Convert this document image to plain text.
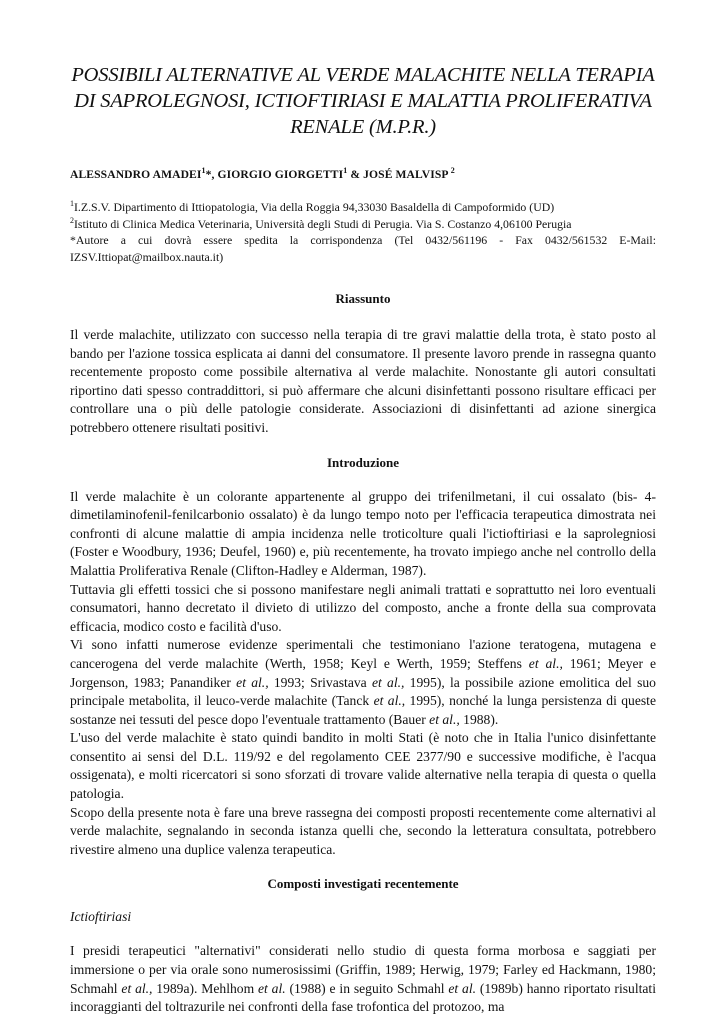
POSSIBILI ALTERNATIVE AL VERDE MALACHITE NELLA TERAPIA DI SAPROLEGNOSI, ICTIOFTIRIASI E MALATTIA PROLIFERATIVA RENALE (M.P.R.)
ALESSANDRO AMADEI$^1$*, GIORGIO GIORGETTI$^1$ & JOSÉ MALVISP $^2$

$^1$I.Z.S.V. Dipartimento di Ittiopatologia, Via della Roggia 94,33030 Basaldella di Campoformido (UD)

$^2$Istituto di Clinica Medica Veterinaria, Università degli Studi di Perugia. Via S. Costanzo 4,06100 Perugia

*Autore a cui dovrà essere spedita la corrispondenza (Tel 0432/561196 - Fax 0432/561532 E-Mail: IZSV.Ittiopat@mailbox.nauta.it)

Riassunto

Il verde malachite, utilizzato con successo nella terapia di tre gravi malattie della trota, è stato posto al bando per l'azione tossica esplicata ai danni del consumatore. Il presente lavoro prende in rassegna quanto recentemente proposto come possibile alternativa al verde malachite. Nonostante gli autori consultati riportino dati spesso contraddittori, si può affermare che alcuni disinfettanti possono risultare efficaci per controllare una o più delle patologie considerate. Associazioni di disinfettanti ad azione sinergica potrebbero ottenere risultati positivi.

Introduzione

Il verde malachite è un colorante appartenente al gruppo dei trifenilmetani, il cui ossalato (bis- 4-dimetilaminofenil-fenilcarbonio ossalato) è da lungo tempo noto per l'efficacia terapeutica dimostrata nei confronti di alcune malattie di ampia incidenza nelle troticolture quali l'ictioftiriasi e la saprolegniosi (Foster e Woodbury, 1936; Deufel, 1960) e, più recentemente, ha trovato impiego anche nel controllo della Malattia Proliferativa Renale (Clifton-Hadley e Alderman, 1987).

Tuttavia gli effetti tossici che si possono manifestare negli animali trattati e soprattutto nei loro eventuali consumatori, hanno decretato il divieto di utilizzo del composto, anche a fronte della sua comprovata efficacia, modico costo e facilità d'uso.

Vi sono infatti numerose evidenze sperimentali che testimoniano l'azione teratogena, mutagena e cancerogena del verde malachite (Werth, 1958; Keyl e Werth, 1959; Steffens et al., 1961; Meyer e Jorgenson, 1983; Panandiker et al., 1993; Srivastava et al., 1995), la possibile azione emolitica del suo principale metabolita, il leuco-verde malachite (Tanck et al., 1995), nonché la lunga persistenza di queste sostanze nei tessuti del pesce dopo l'eventuale trattamento (Bauer et al., 1988).

L'uso del verde malachite è stato quindi bandito in molti Stati (è noto che in Italia l'unico disinfettante consentito ai sensi del D.L. 119/92 e del regolamento CEE 2377/90 e successive modifiche, è l'acqua ossigenata), e molti ricercatori si sono sforzati di trovare valide alternative nella terapia di questa o quella patologia.

Scopo della presente nota è fare una breve rassegna dei composti proposti recentemente come alternativi al verde malachite, segnalando in seconda istanza quelli che, secondo la letteratura consultata, potrebbero rivestire almeno una duplice valenza terapeutica.

Composti investigati recentemente

Ictioftiriasi

I presidi terapeutici "alternativi" considerati nello studio di questa forma morbosa e saggiati per immersione o per via orale sono numerosissimi (Griffin, 1989; Herwig, 1979; Farley ed Hackmann, 1980; Schmahl et al., 1989a). Mehlhom et al. (1988) e in seguito Schmahl et al. (1989b) hanno riportato risultati incoraggianti del toltrazurile nei confronti della fase trofontica del protozoo, ma
